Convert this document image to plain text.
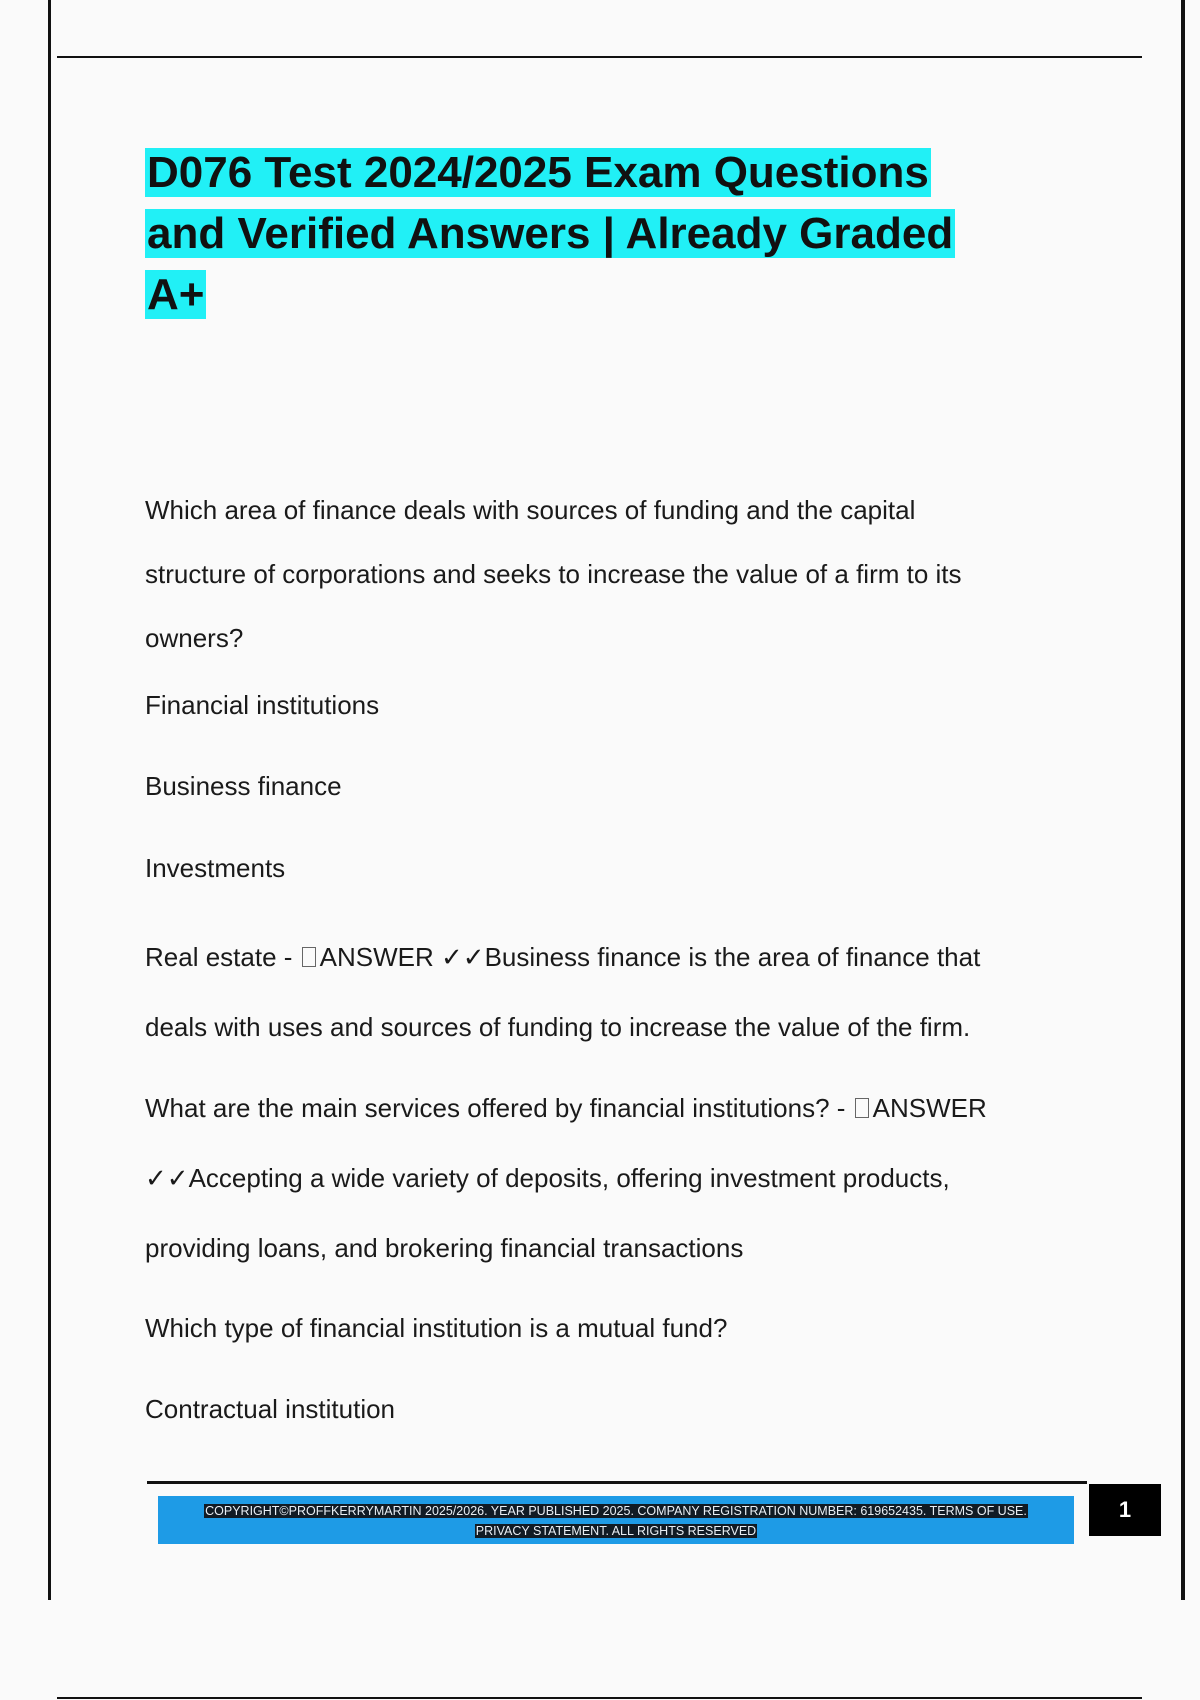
D076 Test 2024/2025 Exam Questions
and Verified Answers | Already Graded
A+

Which area of finance deals with sources of funding and the capital
structure of corporations and seeks to increase the value of a firm to its
owners?

Financial institutions
Business finance
Investments

Real estate - ANSWER ✓✓Business finance is the area of finance that
deals with uses and sources of funding to increase the value of the firm.

What are the main services offered by financial institutions? - ANSWER
✓✓Accepting a wide variety of deposits, offering investment products,
providing loans, and brokering financial transactions

Which type of financial institution is a mutual fund?
Contractual institution
COPYRIGHT©PROFFKERRYMARTIN 2025/2026. YEAR PUBLISHED 2025. COMPANY REGISTRATION NUMBER: 619652435. TERMS OF USE.
PRIVACY STATEMENT. ALL RIGHTS RESERVED
1
